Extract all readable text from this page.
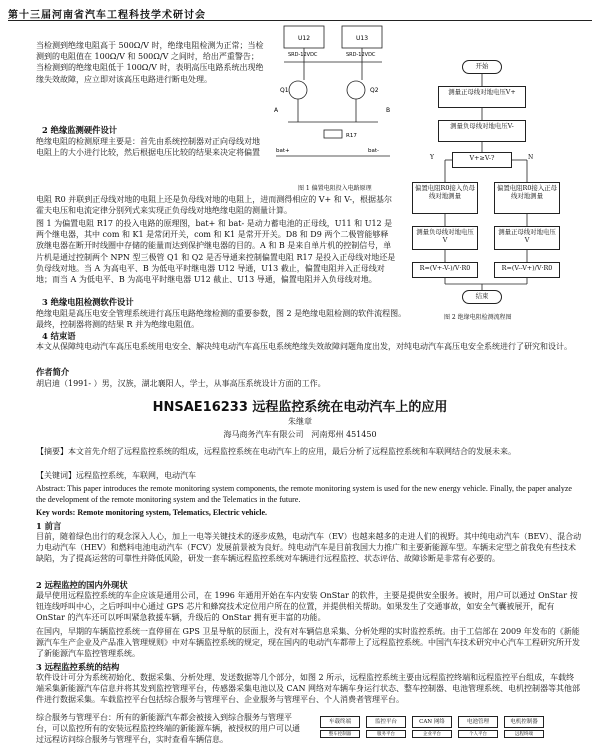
第十三届河南省汽车工程科技学术研讨会

当检测到绝缘电阻高于 500Ω/V 时，绝缘电阻检测为正常；当检测到的电阻值在 100Ω/V 和 500Ω/V 之间时，给出严重警告；当检测到的绝缘电阻低于 100Ω/V 时，表明高压电路系统出现绝缘失效故障，应立即对该高压电路进行断电处理。

2 绝缘监测硬件设计

绝缘电阻的检测原理主要是：首先由系统控制器对正向母线对地电阻上的大小进行比较，然后根据电压比较的结果来决定将偏置

SRD-12VDC	SRD-12VDC
U12	U13
Q1	Q2
A	B
R17
bat+	bat-
图 1 偏置电阻投入电路原理
开始
测量正母线对地电压V+
测量负母线对地电压V-
V+≥V-?
Y	N
偏置电阻R0接入负母线对地测量
偏置电阻R0接入正母线对地测量
测量负母线对地电压V
测量正母线对地电压V
R=(V+-V-)/V·R0	R=(V--V+)/V·R0
结束
图 2 绝缘电阻检测流程图

电阻 R0 并联到正母线对地的电阻上还是负母线对地的电阻上，进而测得相应的 V+ 和 V-，根据基尔霍夫电压和电流定律分别列式来实现正负母线对地绝缘电阻的测量计算。

图 1 为偏置电阻 R17 的投入电路的原理图，bat+ 和 bat- 是动力蓄电池的正母线，U11 和 U12 是两个继电器，其中 com 和 K1 是常闭开关，com 和 K1 是常开开关。D8 和 D9 两个二极管能够释放继电器在断开时线圈中存储的能量而达到保护继电器的目的。A 和 B 是来自单片机的控制信号，单片机是通过控制两个 NPN 型三极管 Q1 和 Q2 是否导通来控制偏置电阻 R17 是投入正母线对地还是负母线对地。当 A 为高电平、B 为低电平时继电器 U12 导通，U13 截止，偏置电阻并入正母线对地；而当 A 为低电平、B 为高电平时继电器 U12 截止、U13 导通，偏置电阻并入负母线对地。

3 绝缘电阻检测软件设计

绝缘电阻是高压电安全管理系统进行高压电路绝缘检测的重要参数，图 2 是绝缘电阻检测的软件流程图。最终，控制器将测的结果 R 并为绝缘电阻值。

4 结束语

本文从保障纯电动汽车高压电系统用电安全、解决纯电动汽车高压电系统绝缘失效故障问题角度出发，对纯电动汽车高压电安全系统进行了研究和设计。

作者简介

胡启迪（1991- ）男，汉族，湖北襄阳人，学士，从事高压系统设计方面的工作。

HNSAE16233 远程监控系统在电动汽车上的应用
朱继章
海马商务汽车有限公司　河南郑州 451450

【摘要】本文首先介绍了远程监控系统的组成，远程监控系统在电动汽车上的应用，最后分析了远程监控系统和车联网结合的发展未来。

【关键词】远程监控系统，车联网，电动汽车

Abstract: This paper introduces the remote monitoring system components, the remote monitoring system is used for the new energy vehicle. Finally, the paper analyze the development of the remote monitoring system and the Telematics in the future.

Key words: Remote monitoring system, Telematics, Electric vehicle.

1 前言

目前，随着绿色出行的观念深入人心，加上一电等关键技术的逐步成熟，电动汽车（EV）也越来越多的走进人们的视野。其中纯电动汽车（BEV）、混合动力电动汽车（HEV）和燃料电池电动汽车（FCV）发展前景被为良好。纯电动汽车是目前我国大力推广和主要新能源车型。车辆未定型之前我免有些技术缺陷，为了提高运营的可靠性并降低风险，研发一套车辆远程监控系统对车辆进行远程监控、状态评估、故障诊断是非常有必要的。

2 远程监控的国内外现状

最早使用远程监控系统的车企应该是通用公司，在 1996 年通用开始在车内安装 OnStar 的软件，主要是提供安全服务。被时，用户可以通过 OnStar 按钮连线呼叫中心，之后呼叫中心通过 GPS 芯片和蜂窝技术定位用户所在的位置，并提供相关帮助。如果发生了交通事故，如安全气囊被展开，配有 OnStar 的汽车还可以呼叫紧急救援车辆，升级后的 OnStar 拥有更丰富的功能。

在国内，早期的车辆监控系统一直停留在 GPS 卫星导航的层面上，没有对车辆信息采集、分析处理的实时监控系统。由于工信部在 2009 年发布的《新能源汽车生产企业及产品准入管理规则》中对车辆监控系统的规定，现在国内的电动汽车都带上了远程监控系统。中国汽车技术研究中心汽车工程研究所开发了新能源汽车监控管理系统。

3 远程监控系统的结构

软件设计可分为系统初始化、数据采集、分析处理、发送数据等几个部分，如图 2 所示，远程监控系统主要由远程监控终端和远程监控平台组成，车载终端采集新能源汽车信息并将其发到监控管理平台，传感器采集电池以及 CAN 网络对车辆车身运行状态、整车控制器、电池管理系统、电机控制器等其他部件进行数据采集。车载监控平台包括综合服务与管理平台、企业服务与管理平台、个人消费者管理平台。

综合服务与管理平台：所有的新能源汽车都会被接入到综合服务与管理平台，可以监控所有的安装远程监控终端的新能源车辆，被授权的用户可以通过远程访问综合服务与管理平台，实时查看车辆信息。

车载终端	监控平台	CAN 网络	电池管理	电机控制器
整车控制器	服务平台	企业平台	个人平台	远程终端
